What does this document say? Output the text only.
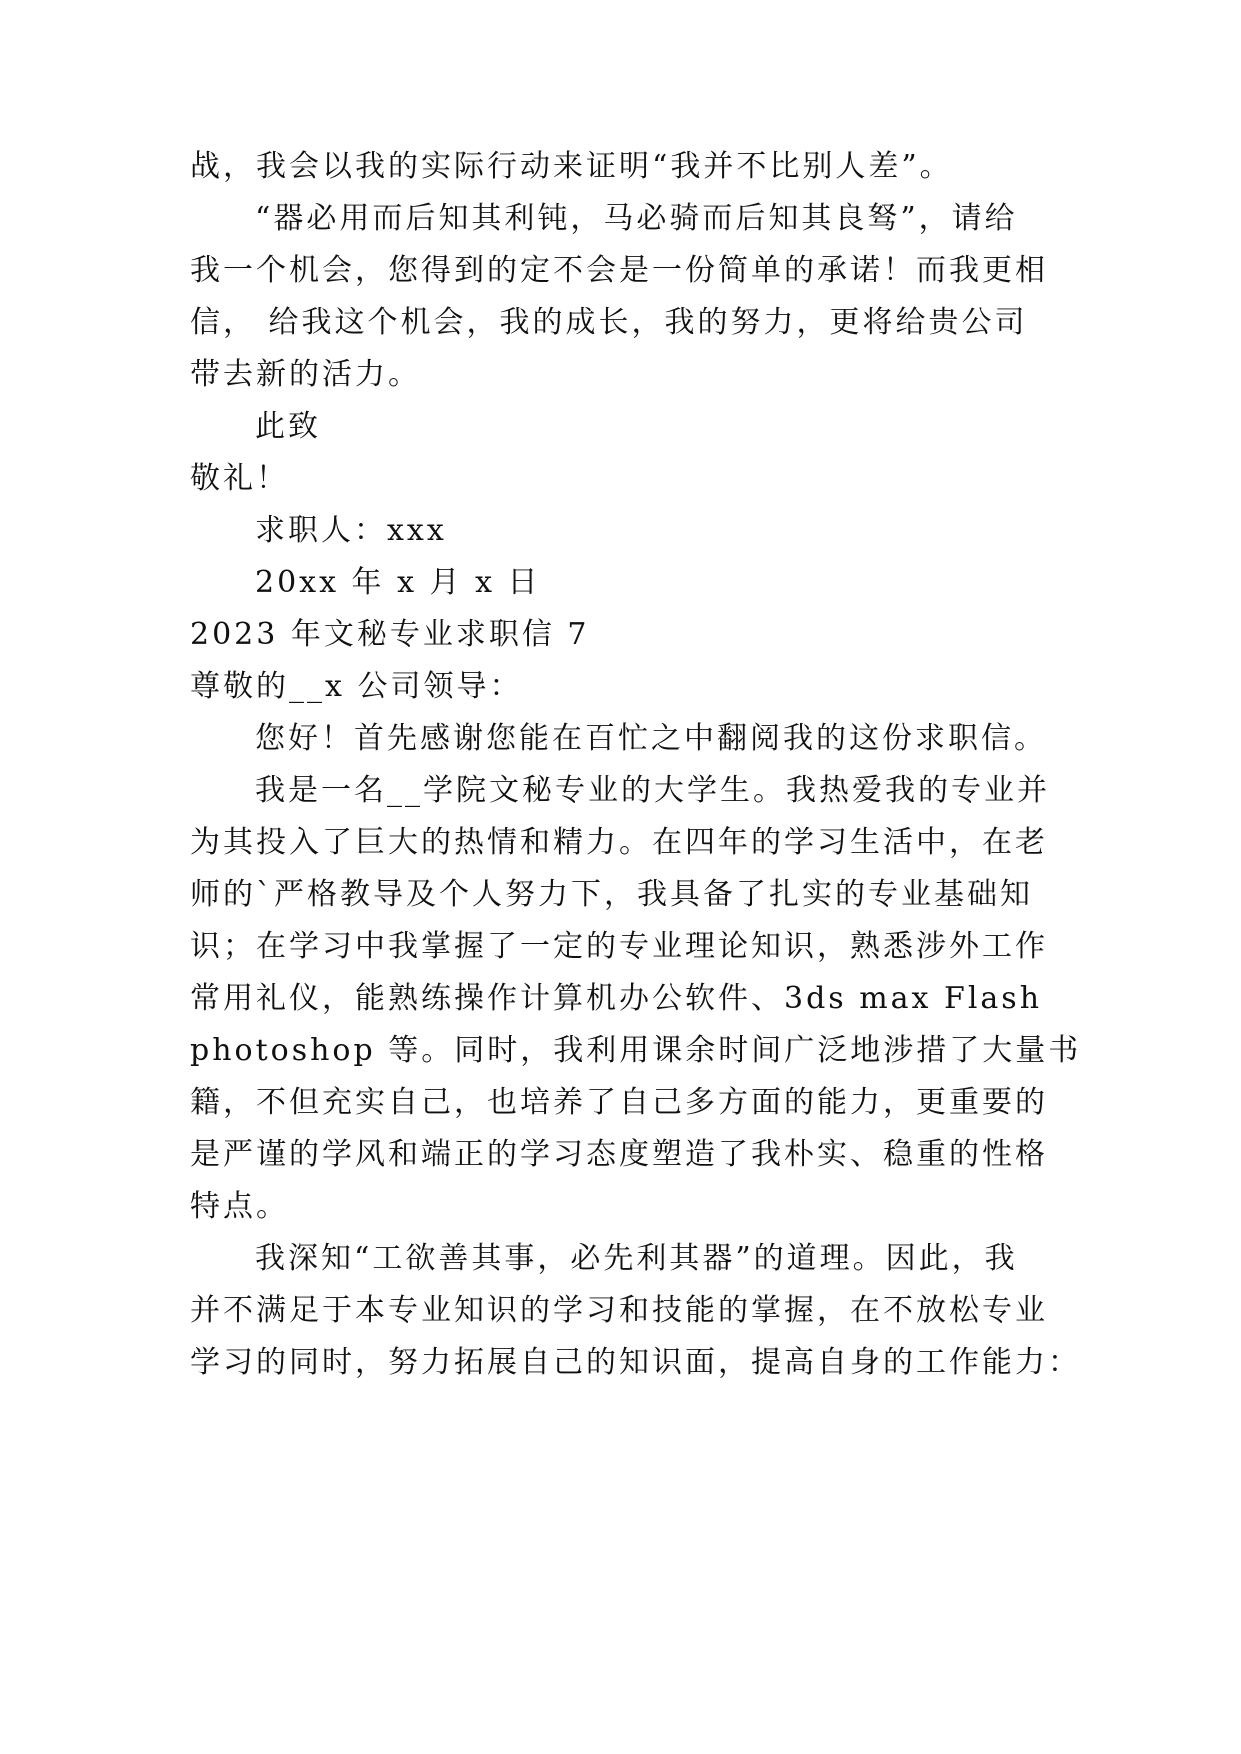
战，我会以我的实际行动来证明“我并不比别人差”。
“器必用而后知其利钝，马必骑而后知其良驽”，请给
我一个机会，您得到的定不会是一份简单的承诺！而我更相
信， 给我这个机会，我的成长，我的努力，更将给贵公司
带去新的活力。
此致
敬礼！
求职人：xxx
20xx 年 x 月 x 日
2023 年文秘专业求职信 7
尊敬的__x 公司领导：
您好！首先感谢您能在百忙之中翻阅我的这份求职信。
我是一名__学院文秘专业的大学生。我热爱我的专业并
为其投入了巨大的热情和精力。在四年的学习生活中，在老
师的`严格教导及个人努力下，我具备了扎实的专业基础知
识；在学习中我掌握了一定的专业理论知识，熟悉涉外工作
常用礼仪，能熟练操作计算机办公软件、3ds max Flash
photoshop 等。同时，我利用课余时间广泛地涉措了大量书
籍，不但充实自己，也培养了自己多方面的能力，更重要的
是严谨的学风和端正的学习态度塑造了我朴实、稳重的性格
特点。
我深知“工欲善其事，必先利其器”的道理。因此，我
并不满足于本专业知识的学习和技能的掌握，在不放松专业
学习的同时，努力拓展自己的知识面，提高自身的工作能力：
